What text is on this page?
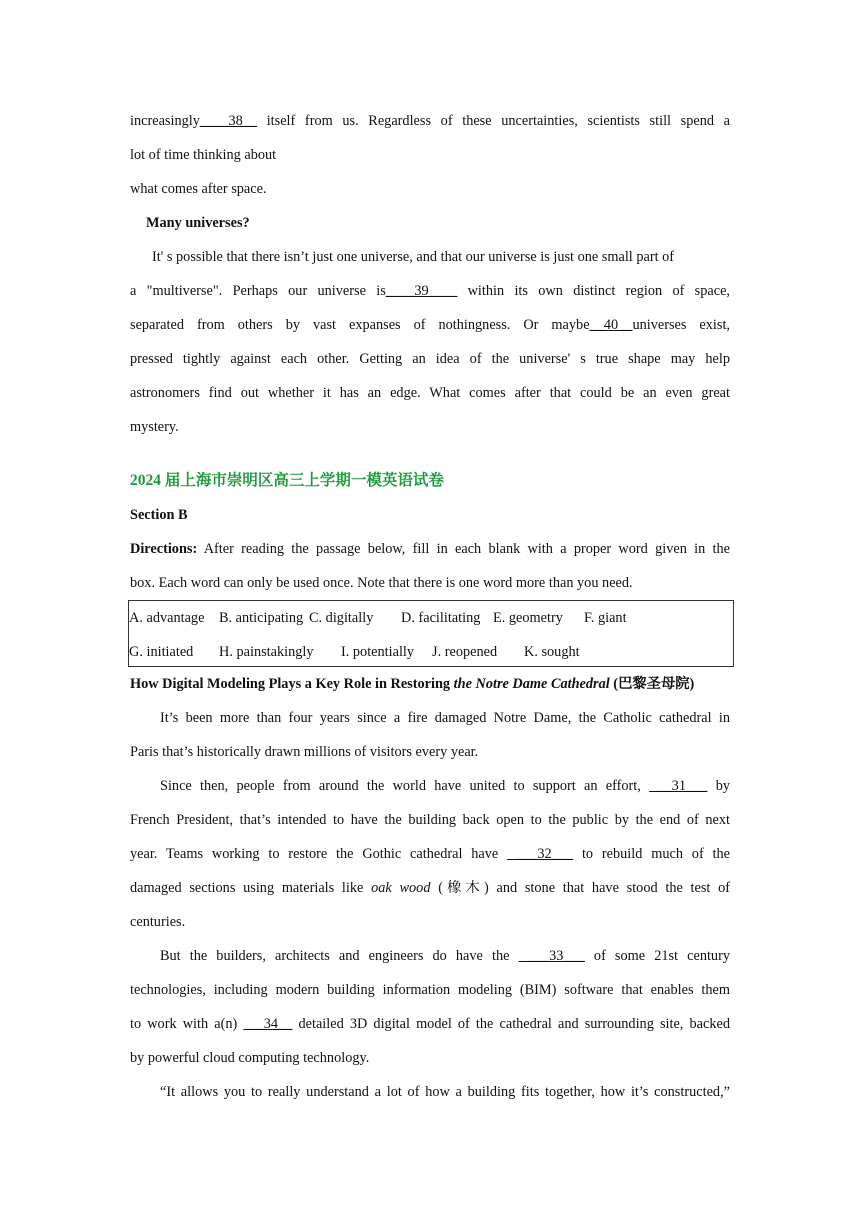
increasingly____38__ itself from us. Regardless of these uncertainties, scientists still spend a
lot of time thinking about
what comes after space.
Many universes?
It' s possible that there isn’t just one universe, and that our universe is just one small part of
a "multiverse". Perhaps our universe is____39____ within its own distinct region of space,
separated from others by vast expanses of nothingness. Or maybe__40__universes exist,
pressed tightly against each other. Getting an idea of the universe' s true shape may help
astronomers find out whether it has an edge. What comes after that could be an even great
mystery.
2024 届上海市崇明区高三上学期一模英语试卷
Section B
Directions: After reading the passage below, fill in each blank with a proper word given in the
box. Each word can only be used once. Note that there is one word more than you need.
A. advantage B. anticipating C. digitally D. facilitating E. geometry F. giant
G. initiated H. painstakingly I. potentially J. reopened K. sought
How Digital Modeling Plays a Key Role in Restoring the Notre Dame Cathedral (巴黎圣母院)
It’s been more than four years since a fire damaged Notre Dame, the Catholic cathedral in
Paris that’s historically drawn millions of visitors every year.
Since then, people from around the world have united to support an effort,  __31___ by
French President, that’s intended to have the building back open to the public by the end of next
year. Teams working to restore the Gothic cathedral have  ___32___ to rebuild much of the
damaged sections using materials like oak wood (橡木) and stone that have stood the test of
centuries.
But the builders, architects and engineers do have the  ___33___ of some 21st century
technologies, including modern building information modeling (BIM) software that enables them
to work with a(n)  __34__ detailed 3D digital model of the cathedral and surrounding site, backed
by powerful cloud computing technology.
“It allows you to really understand a lot of how a building fits together, how it’s constructed,”
